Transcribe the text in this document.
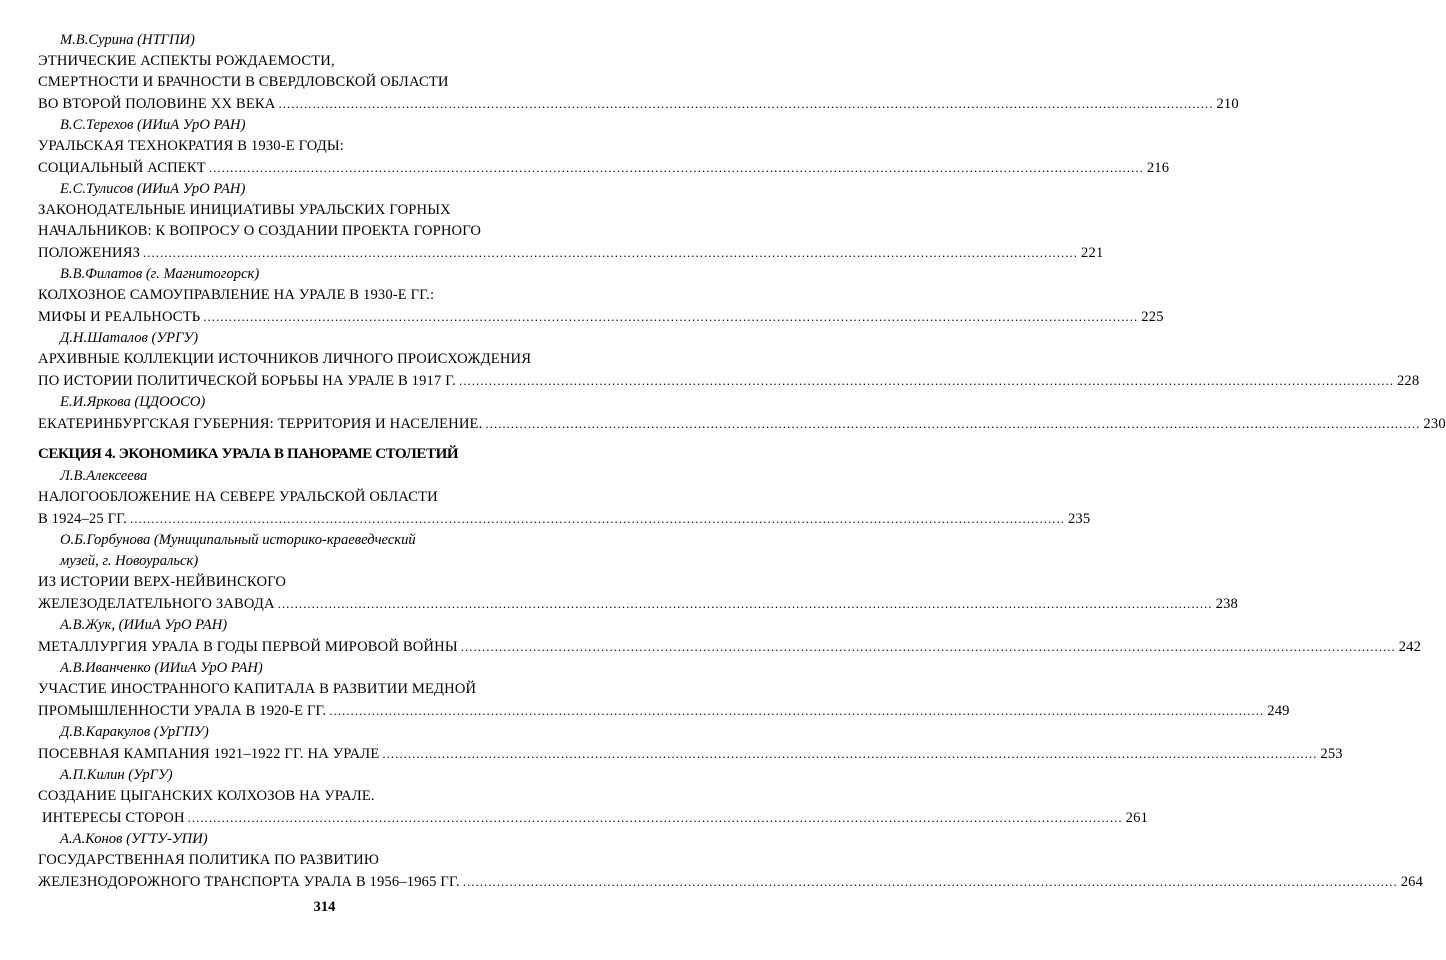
М.В.Сурина (НТГПИ)
ЭТНИЧЕСКИЕ АСПЕКТЫ РОЖДАЕМОСТИ,
СМЕРТНОСТИ И БРАЧНОСТИ В СВЕРДЛОВСКОЙ ОБЛАСТИ
ВО ВТОРОЙ ПОЛОВИНЕ XX ВЕКА ............................................................................................................................................................................................................................ 210
В.С.Терехов (ИИиА УрО РАН)
УРАЛЬСКАЯ ТЕХНОКРАТИЯ В 1930-Е ГОДЫ:
СОЦИАЛЬНЫЙ АСПЕКТ ............................................................................................................................................................................................................................ 216
Е.С.Тулисов (ИИиА УрО РАН)
ЗАКОНОДАТЕЛЬНЫЕ ИНИЦИАТИВЫ УРАЛЬСКИХ ГОРНЫХ
НАЧАЛЬНИКОВ: К ВОПРОСУ О СОЗДАНИИ ПРОЕКТА ГОРНОГО
ПОЛОЖЕНИЯЗ ............................................................................................................................................................................................................................ 221
В.В.Филатов (г. Магнитогорск)
КОЛХОЗНОЕ САМОУПРАВЛЕНИЕ НА УРАЛЕ В 1930-Е ГГ.:
МИФЫ И РЕАЛЬНОСТЬ ............................................................................................................................................................................................................................ 225
Д.Н.Шаталов (УРГУ)
АРХИВНЫЕ КОЛЛЕКЦИИ ИСТОЧНИКОВ ЛИЧНОГО ПРОИСХОЖДЕНИЯ
ПО ИСТОРИИ ПОЛИТИЧЕСКОЙ БОРЬБЫ НА УРАЛЕ В 1917 Г. ............................................................................................................................................................................................................................ 228
Е.И.Яркова (ЦДООСО)
ЕКАТЕРИНБУРГСКАЯ ГУБЕРНИЯ: ТЕРРИТОРИЯ И НАСЕЛЕНИЕ. ............................................................................................................................................................................................................................ 230
СЕКЦИЯ 4. ЭКОНОМИКА УРАЛА В ПАНОРАМЕ СТОЛЕТИЙ
Л.В.Алексеева
НАЛОГООБЛОЖЕНИЕ НА СЕВЕРЕ УРАЛЬСКОЙ ОБЛАСТИ
В 1924–25 ГГ. ............................................................................................................................................................................................................................ 235
О.Б.Горбунова (Муниципальный историко-краеведческий
музей, г. Новоуральск)
ИЗ ИСТОРИИ ВЕРХ-НЕЙВИНСКОГО
ЖЕЛЕЗОДЕЛАТЕЛЬНОГО ЗАВОДА ............................................................................................................................................................................................................................ 238
А.В.Жук, (ИИиА УрО РАН)
МЕТАЛЛУРГИЯ УРАЛА В ГОДЫ ПЕРВОЙ МИРОВОЙ ВОЙНЫ ............................................................................................................................................................................................................................ 242
А.В.Иванченко (ИИиА УрО РАН)
УЧАСТИЕ ИНОСТРАННОГО КАПИТАЛА В РАЗВИТИИ МЕДНОЙ
ПРОМЫШЛЕННОСТИ УРАЛА В 1920-Е ГГ. ............................................................................................................................................................................................................................ 249
Д.В.Каракулов (УрГПУ)
ПОСЕВНАЯ КАМПАНИЯ 1921–1922 ГГ. НА УРАЛЕ ............................................................................................................................................................................................................................ 253
А.П.Килин (УрГУ)
СОЗДАНИЕ ЦЫГАНСКИХ КОЛХОЗОВ НА УРАЛЕ.
ИНТЕРЕСЫ СТОРОН ............................................................................................................................................................................................................................ 261
А.А.Конов (УГТУ-УПИ)
ГОСУДАРСТВЕННАЯ ПОЛИТИКА ПО РАЗВИТИЮ
ЖЕЛЕЗНОДОРОЖНОГО ТРАНСПОРТА УРАЛА В 1956–1965 ГГ. ............................................................................................................................................................................................................................ 264
314
